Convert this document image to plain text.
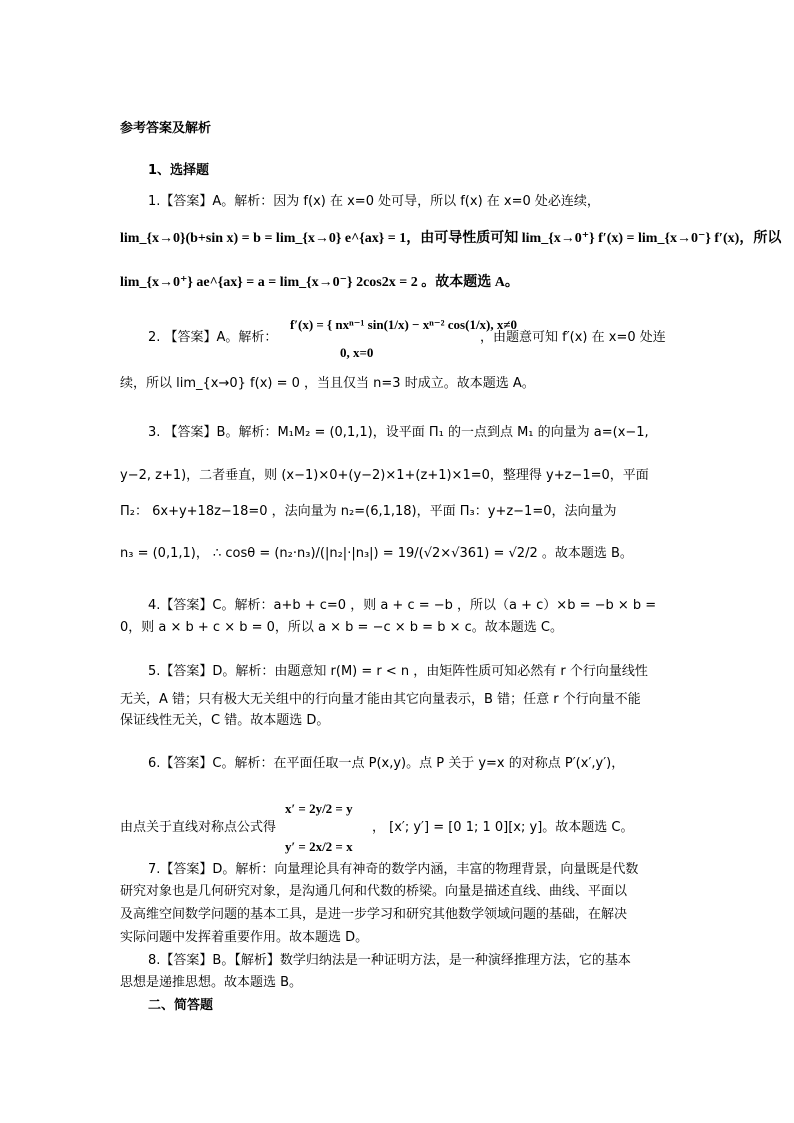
参考答案及解析
1、选择题
1.【答案】A。解析：因为 f(x) 在 x=0 处可导，所以 f(x) 在 x=0 处必连续，
lim_{x→0}(b+sin x) = b = lim_{x→0} e^{ax} = 1，由可导性质可知 lim_{x→0⁺} f′(x) = lim_{x→0⁻} f′(x)，所以
lim_{x→0⁺} ae^{ax} = a = lim_{x→0⁻} 2cos2x = 2 。故本题选 A。
2. 【答案】A。解析：
f′(x) = { nxⁿ⁻¹ sin(1/x) − xⁿ⁻² cos(1/x), x≠0
0, x=0
，由题意可知 f′(x) 在 x=0 处连
续，所以 lim_{x→0} f(x) = 0 ，当且仅当 n=3 时成立。故本题选 A。
3. 【答案】B。解析：M₁M₂ = (0,1,1)，设平面 Π₁ 的一点到点 M₁ 的向量为 a=(x−1,
y−2, z+1)，二者垂直，则 (x−1)×0+(y−2)×1+(z+1)×1=0，整理得 y+z−1=0，平面
Π₂： 6x+y+18z−18=0 ，法向量为 n₂=(6,1,18)，平面 Π₃：y+z−1=0，法向量为
n₃ = (0,1,1)， ∴ cosθ = (n₂·n₃)/(|n₂|·|n₃|) = 19/(√2×√361) = √2/2 。故本题选 B。
4.【答案】C。解析：a+b + c=0 ，则 a + c = −b ，所以（a + c）×b = −b × b =
0，则 a × b + c × b = 0，所以 a × b = −c × b = b × c。故本题选 C。
5.【答案】D。解析：由题意知 r(M) = r < n ，由矩阵性质可知必然有 r 个行向量线性
无关，A 错；只有极大无关组中的行向量才能由其它向量表示，B 错；任意 r 个行向量不能
保证线性无关，C 错。故本题选 D。
6.【答案】C。解析：在平面任取一点 P(x,y)。点 P 关于 y=x 的对称点 P′(x′,y′)，
由点关于直线对称点公式得
x′ = 2y/2 = y
y′ = 2x/2 = x
， [x′; y′] = [0 1; 1 0][x; y]。故本题选 C。
7.【答案】D。解析：向量理论具有神奇的数学内涵，丰富的物理背景，向量既是代数
研究对象也是几何研究对象，是沟通几何和代数的桥梁。向量是描述直线、曲线、平面以
及高维空间数学问题的基本工具，是进一步学习和研究其他数学领域问题的基础，在解决
实际问题中发挥着重要作用。故本题选 D。
8.【答案】B。【解析】数学归纳法是一种证明方法，是一种演绎推理方法，它的基本
思想是递推思想。故本题选 B。
二、简答题
